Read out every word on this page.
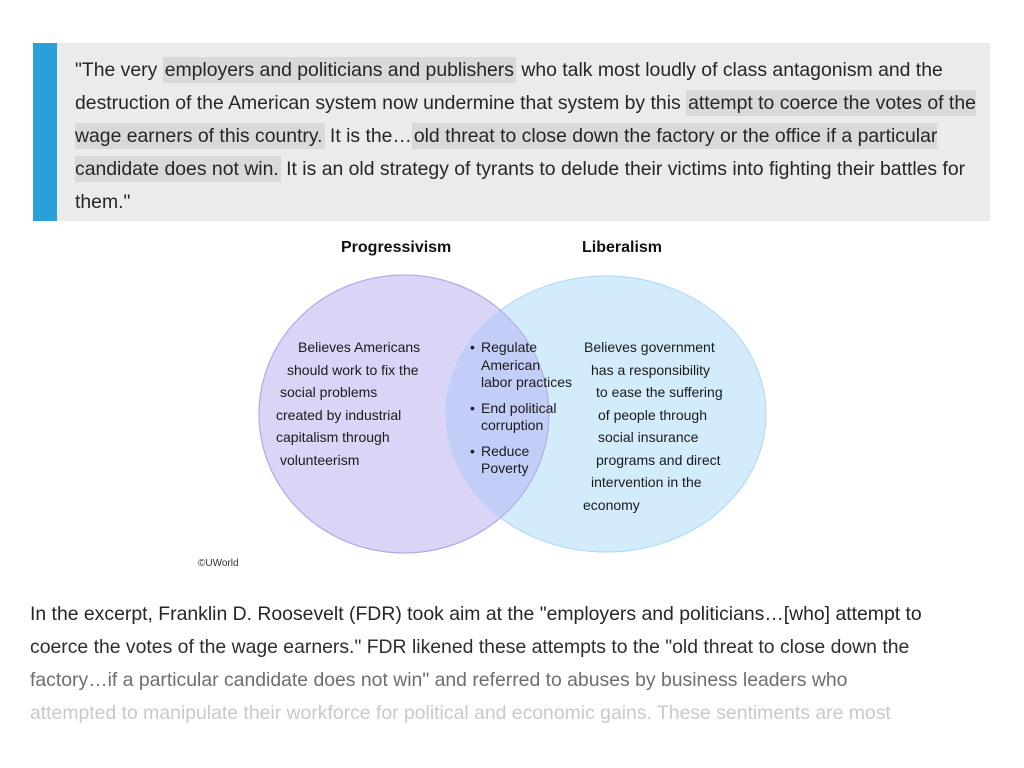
"The very employers and politicians and publishers who talk most loudly of class antagonism and the destruction of the American system now undermine that system by this attempt to coerce the votes of the wage earners of this country. It is the… old threat to close down the factory or the office if a particular candidate does not win. It is an old strategy of tyrants to delude their victims into fighting their battles for them."
Progressivism	Liberalism
Believes Americans
should work to fix the
social problems
created by industrial
capitalism through
volunteerism
• Regulate American labor practices
• End political corruption
• Reduce Poverty
Believes government
has a responsibility
to ease the suffering
of people through
social insurance
programs and direct
intervention in the
economy
©UWorld
In the excerpt, Franklin D. Roosevelt (FDR) took aim at the "employers and politicians…[who] attempt to
coerce the votes of the wage earners." FDR likened these attempts to the "old threat to close down the
factory…if a particular candidate does not win" and referred to abuses by business leaders who
attempted to manipulate their workforce for political and economic gains. These sentiments are most
